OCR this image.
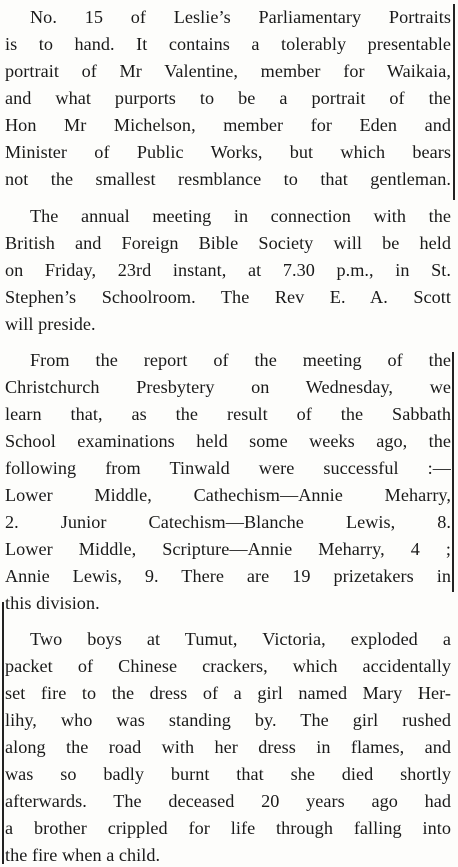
No. 15 of Leslie’s Parliamentary Portraits
is to hand. It contains a tolerably presentable
portrait of Mr Valentine, member for Waikaia,
and what purports to be a portrait of the
Hon Mr Michelson, member for Eden and
Minister of Public Works, but which bears
not the smallest resmblance to that gentleman.
The annual meeting in connection with the
British and Foreign Bible Society will be held
on Friday, 23rd instant, at 7.30 p.m., in St.
Stephen’s Schoolroom. The Rev E. A. Scott
will preside.
From the report of the meeting of the
Christchurch Presbytery on Wednesday, we
learn that, as the result of the Sabbath
School examinations held some weeks ago, the
following from Tinwald were successful :—
Lower Middle, Cathechism—Annie Meharry,
2. Junior Catechism—Blanche Lewis, 8.
Lower Middle, Scripture—Annie Meharry, 4 ;
Annie Lewis, 9. There are 19 prizetakers in
this division.
Two boys at Tumut, Victoria, exploded a
packet of Chinese crackers, which accidentally
set fire to the dress of a girl named Mary Her-
lihy, who was standing by. The girl rushed
along the road with her dress in flames, and
was so badly burnt that she died shortly
afterwards. The deceased 20 years ago had
a brother crippled for life through falling into
the fire when a child.
